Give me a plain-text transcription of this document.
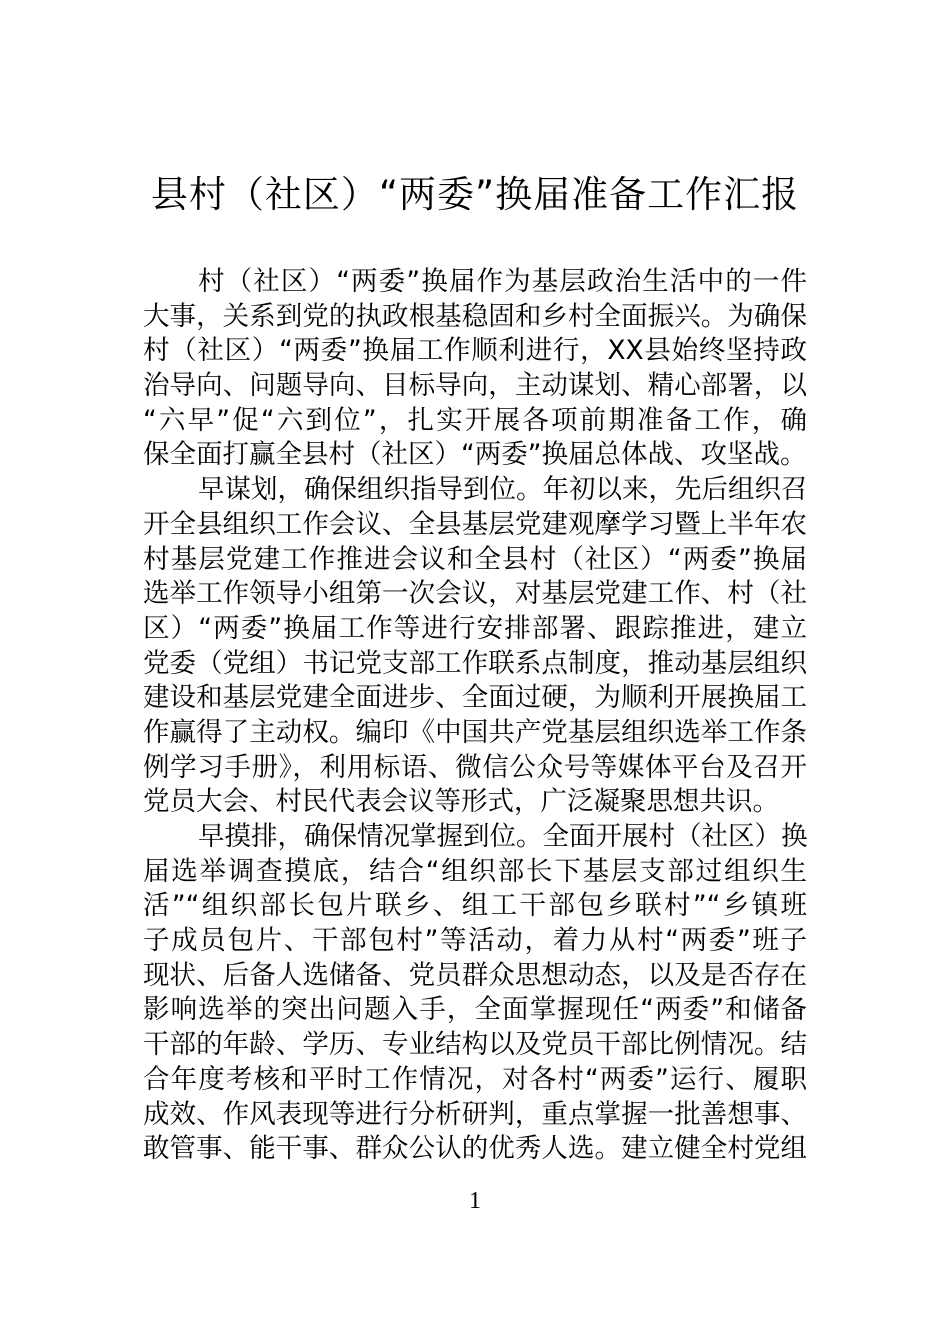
县村（社区）“两委”换届准备工作汇报
村（社区）“两委”换届作为基层政治生活中的一件
大事，关系到党的执政根基稳固和乡村全面振兴。为确保
村（社区）“两委”换届工作顺利进行，XX县始终坚持政
治导向、问题导向、目标导向，主动谋划、精心部署，以
“六早”促“六到位”，扎实开展各项前期准备工作，确
保全面打赢全县村（社区）“两委”换届总体战、攻坚战。
早谋划，确保组织指导到位。年初以来，先后组织召
开全县组织工作会议、全县基层党建观摩学习暨上半年农
村基层党建工作推进会议和全县村（社区）“两委”换届
选举工作领导小组第一次会议，对基层党建工作、村（社
区）“两委”换届工作等进行安排部署、跟踪推进，建立
党委（党组）书记党支部工作联系点制度，推动基层组织
建设和基层党建全面进步、全面过硬，为顺利开展换届工
作赢得了主动权。编印《中国共产党基层组织选举工作条
例学习手册》，利用标语、微信公众号等媒体平台及召开
党员大会、村民代表会议等形式，广泛凝聚思想共识。
早摸排，确保情况掌握到位。全面开展村（社区）换
届选举调查摸底，结合“组织部长下基层支部过组织生
活”“组织部长包片联乡、组工干部包乡联村”“乡镇班
子成员包片、干部包村”等活动，着力从村“两委”班子
现状、后备人选储备、党员群众思想动态，以及是否存在
影响选举的突出问题入手，全面掌握现任“两委”和储备
干部的年龄、学历、专业结构以及党员干部比例情况。结
合年度考核和平时工作情况，对各村“两委”运行、履职
成效、作风表现等进行分析研判，重点掌握一批善想事、
敢管事、能干事、群众公认的优秀人选。建立健全村党组
1
